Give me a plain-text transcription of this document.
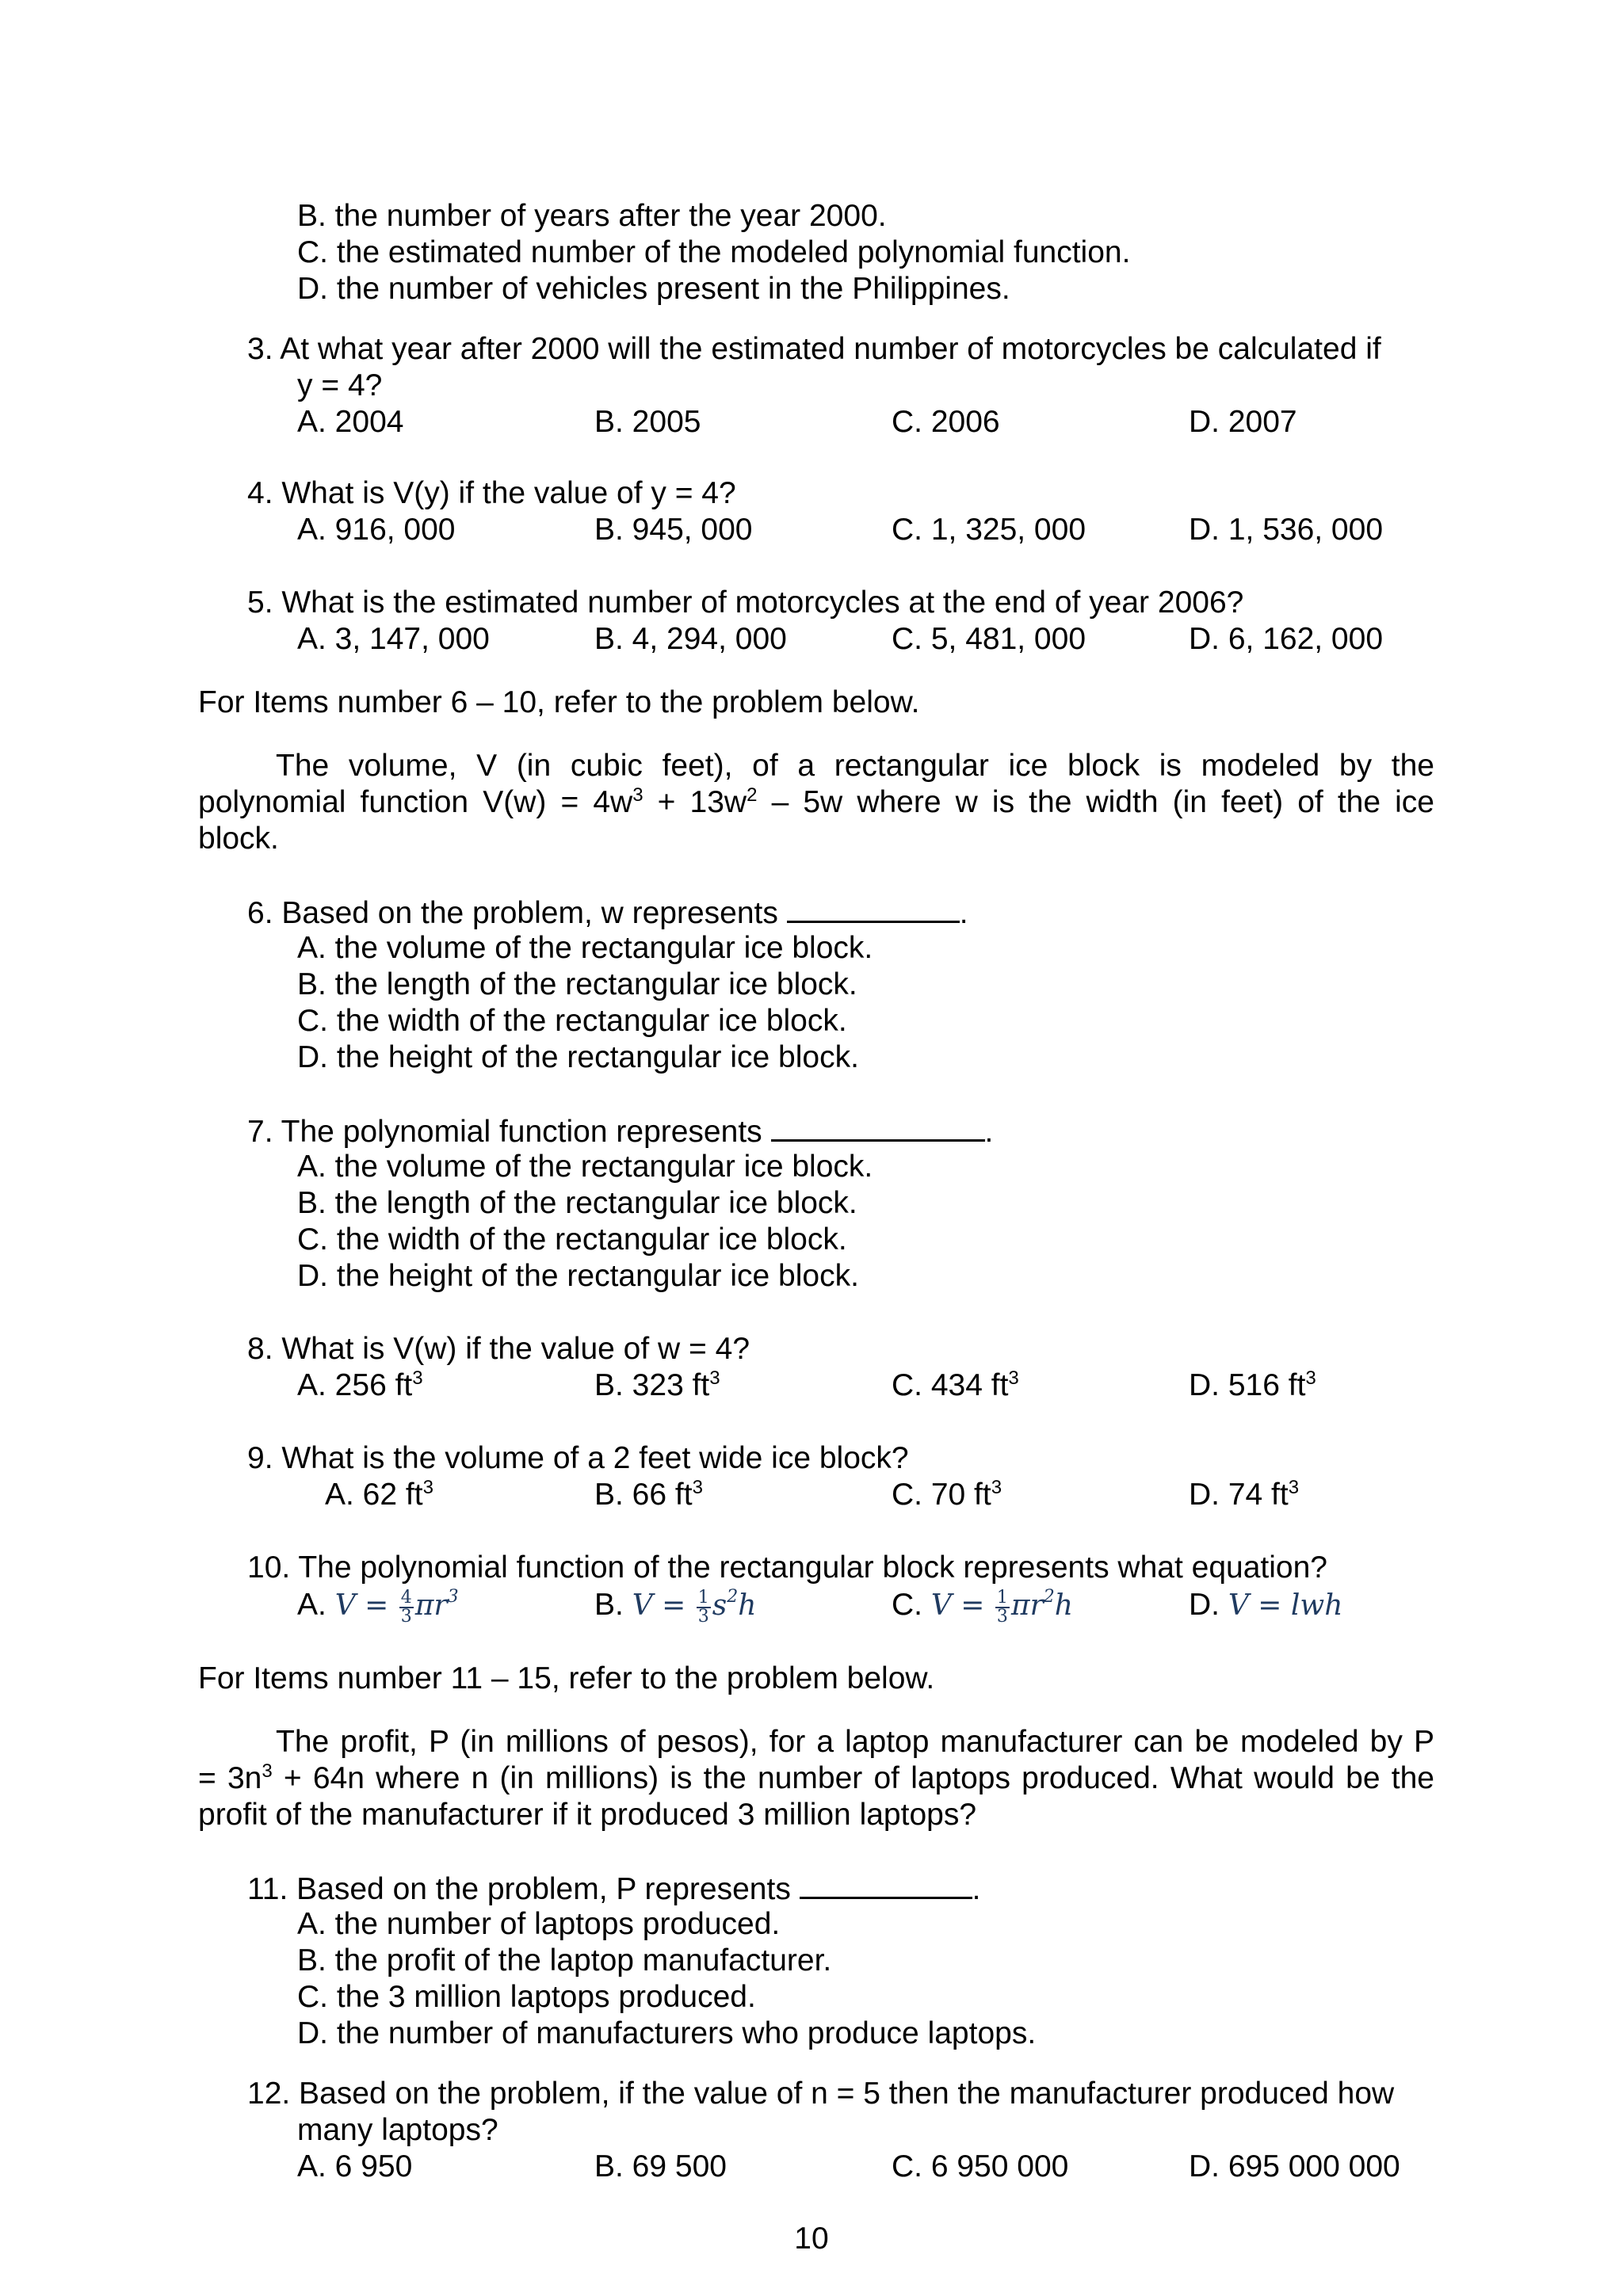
B. the number of years after the year 2000.
C. the estimated number of the modeled polynomial function.
D. the number of vehicles present in the Philippines.
3. At what year after 2000 will the estimated number of motorcycles be calculated if
y = 4?
A. 2004	B. 2005	C. 2006	D. 2007
4. What is V(y) if the value of y = 4?
A. 916, 000	B. 945, 000	C. 1, 325, 000	D. 1, 536, 000
5. What is the estimated number of motorcycles at the end of year 2006?
A. 3, 147, 000	B. 4, 294, 000	C. 5, 481, 000	D. 6, 162, 000
For Items number 6 – 10, refer to the problem below.
The volume, V (in cubic feet), of a rectangular ice block is modeled by the
polynomial function $V(w) = 4w^3 + 13w^2 - 5w$ where w is the width (in feet) of the ice
block.
6. Based on the problem, w represents	.
A. the volume of the rectangular ice block.
B. the length of the rectangular ice block.
C. the width of the rectangular ice block.
D. the height of the rectangular ice block.
7. The polynomial function represents	.
A. the volume of the rectangular ice block.
B. the length of the rectangular ice block.
C. the width of the rectangular ice block.
D. the height of the rectangular ice block.
8. What is V(w) if the value of w = 4?
A. 256 $ft^3$	B. 323 $ft^3$	C. 434 $ft^3$	D. 516 $ft^3$
9. What is the volume of a 2 feet wide ice block?
A. 62 $ft^3$	B. 66 $ft^3$	C. 70 $ft^3$	D. 74 $ft^3$
10. The polynomial function of the rectangular block represents what equation?
A. $V = \frac{4}{3} \pi r^3$	B. $V = \frac{1}{3} s^2h$	C. $V = \frac{1}{3} \pi r^2h$	D. V = lwh
For Items number 11 – 15, refer to the problem below.
The profit, P (in millions of pesos), for a laptop manufacturer can be modeled by P
= $3n^3 + 64n$ where n (in millions) is the number of laptops produced. What would be the
profit of the manufacturer if it produced 3 million laptops?
11. Based on the problem, P represents	.
A. the number of laptops produced.
B. the profit of the laptop manufacturer.
C. the 3 million laptops produced.
D. the number of manufacturers who produce laptops.
12. Based on the problem, if the value of n = 5 then the manufacturer produced how
many laptops?
A. 6 950	B. 69 500	C. 6 950 000	D. 695 000 000
10
